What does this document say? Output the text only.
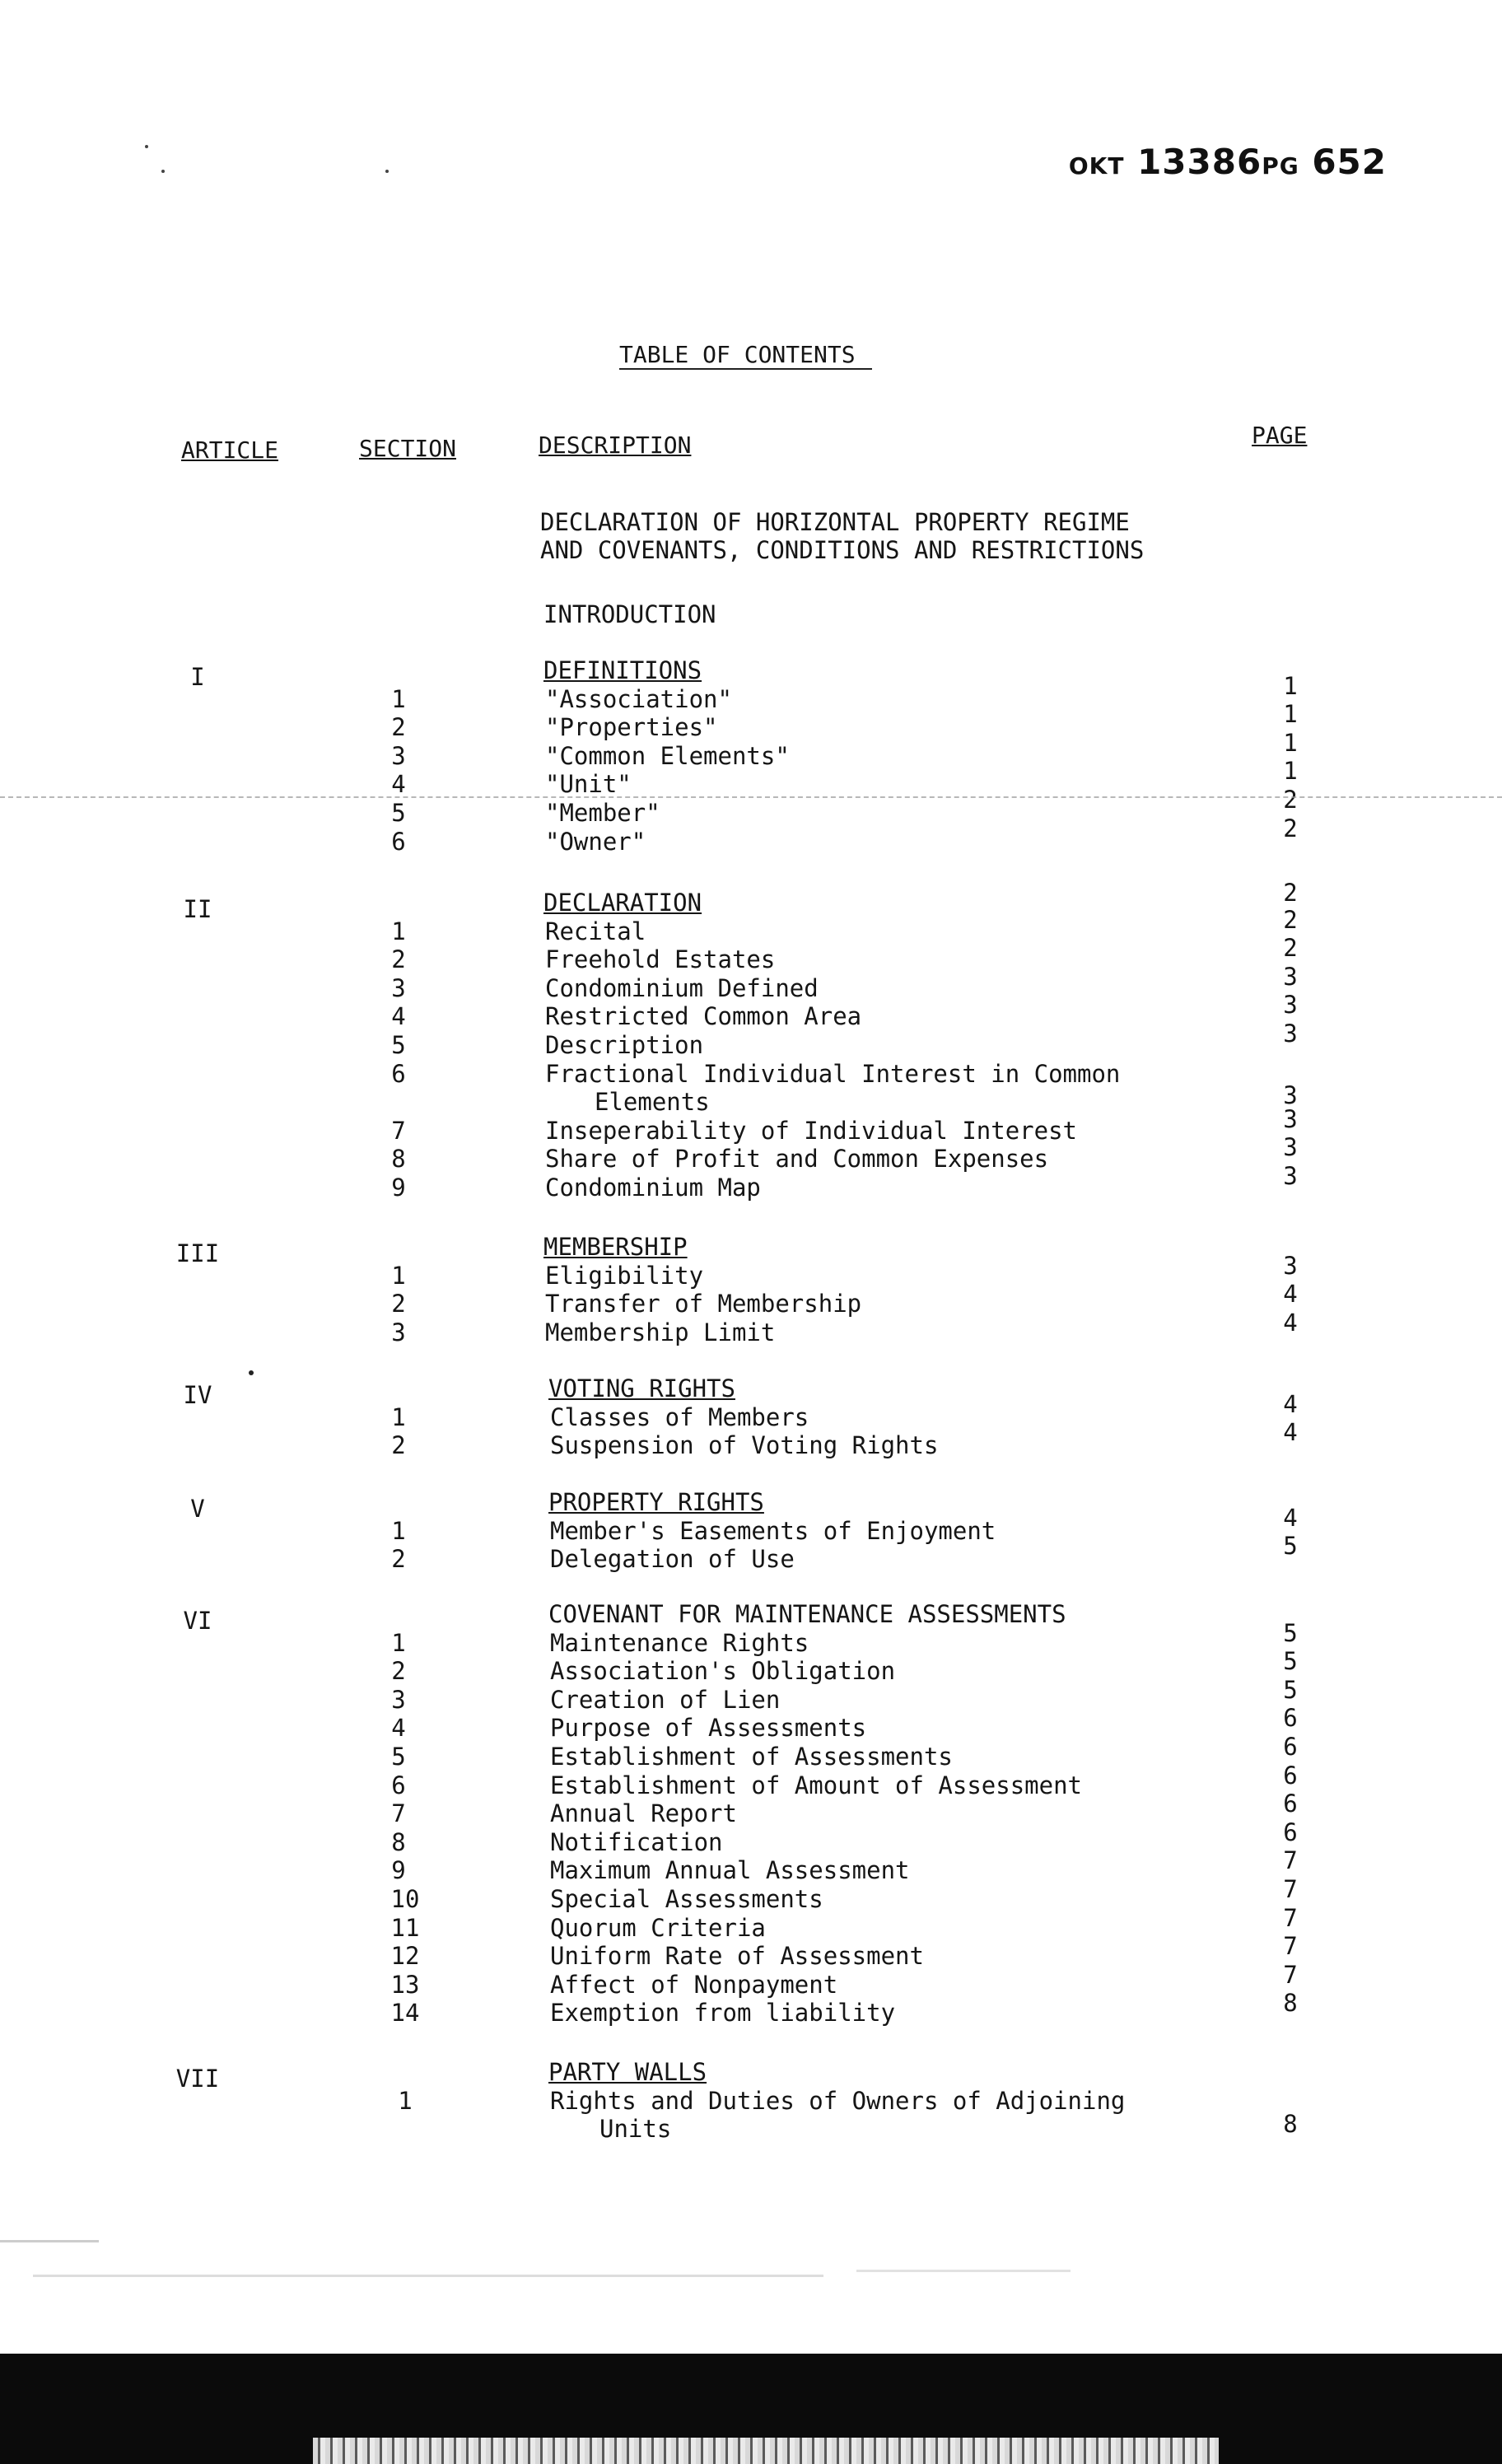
OKT 13386PG 652
TABLE OF CONTENTS
ARTICLE	SECTION	DESCRIPTION	PAGE
DECLARATION OF HORIZONTAL PROPERTY REGIME
AND COVENANTS, CONDITIONS AND RESTRICTIONS
INTRODUCTION
I	DEFINITIONS
1	"Association"	1
2	"Properties"	1
3	"Common Elements"	1
4	"Unit"	1
5	"Member"	2
6	"Owner"	2
II	DECLARATION	2
1	Recital	2
2	Freehold Estates	2
3	Condominium Defined	3
4	Restricted Common Area	3
5	Description	3
6	Fractional Individual Interest in Common
Elements	3
7	Inseperability of Individual Interest	3
8	Share of Profit and Common Expenses	3
9	Condominium Map	3
III	MEMBERSHIP
1	Eligibility	3
2	Transfer of Membership	4
3	Membership Limit	4
IV	VOTING RIGHTS
1	Classes of Members	4
2	Suspension of Voting Rights	4
V	PROPERTY RIGHTS
1	Member's Easements of Enjoyment	4
2	Delegation of Use	5
VI	COVENANT FOR MAINTENANCE ASSESSMENTS
1	Maintenance Rights	5
2	Association's Obligation	5
3	Creation of Lien	5
4	Purpose of Assessments	6
5	Establishment of Assessments	6
6	Establishment of Amount of Assessment	6
7	Annual Report	6
8	Notification	6
9	Maximum Annual Assessment	7
10	Special Assessments	7
11	Quorum Criteria	7
12	Uniform Rate of Assessment	7
13	Affect of Nonpayment	7
14	Exemption from liability	8
VII	PARTY WALLS
1	Rights and Duties of Owners of Adjoining
Units	8
